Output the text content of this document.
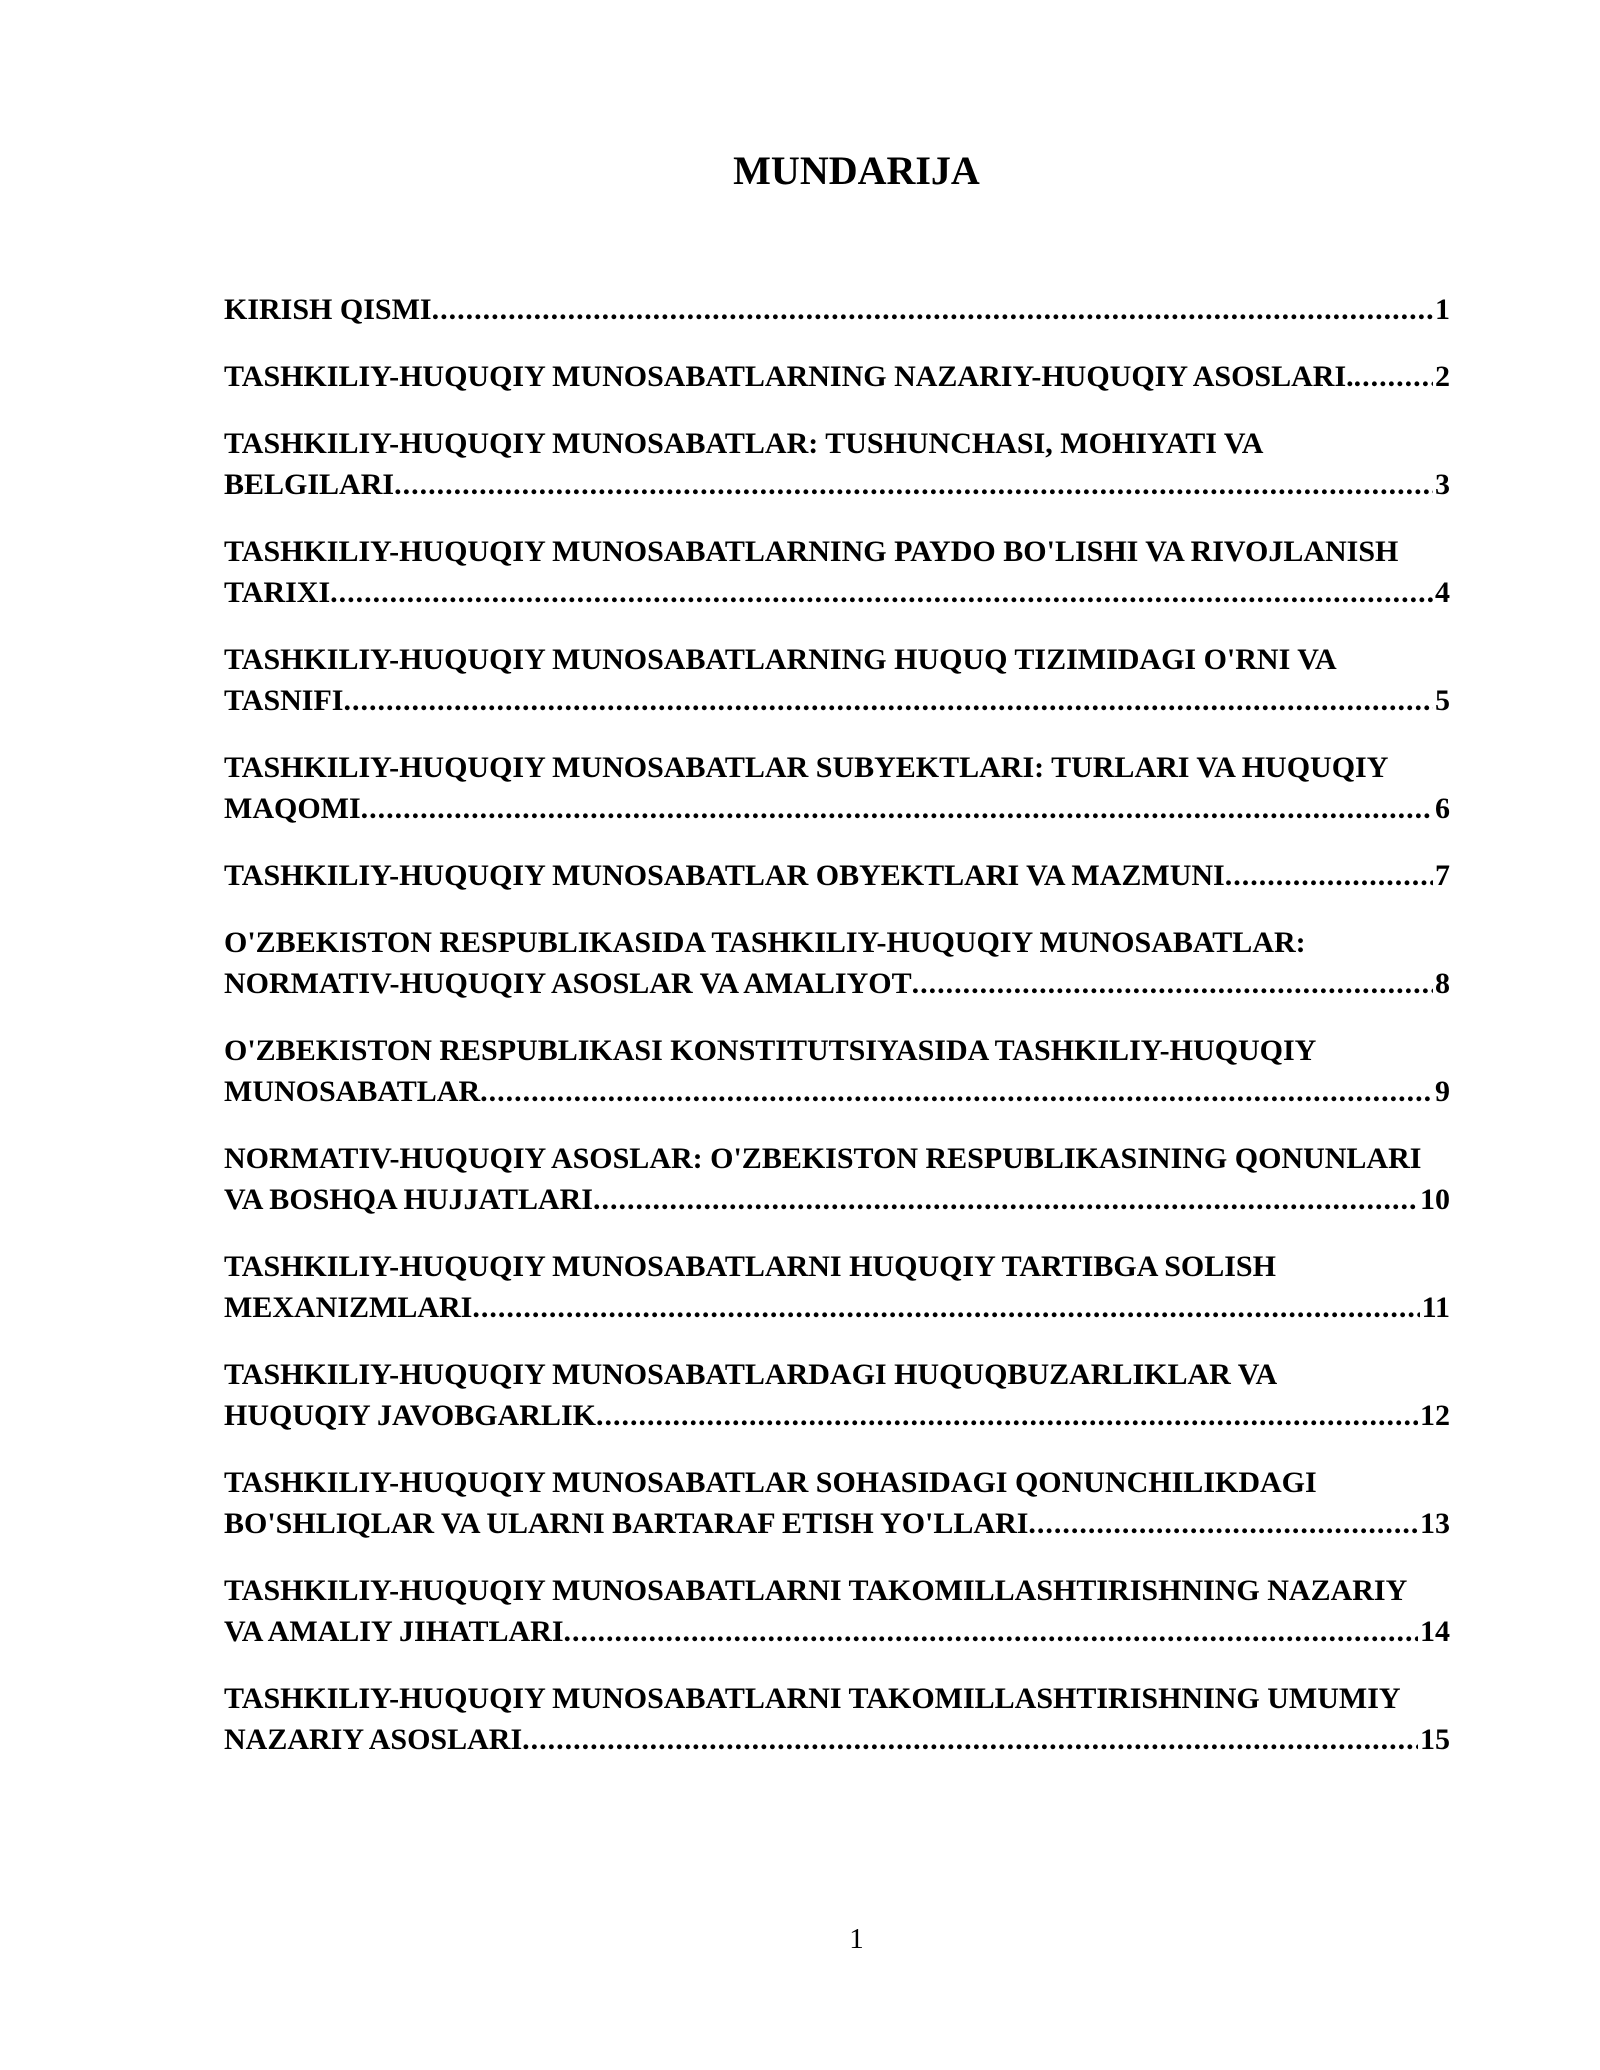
MUNDARIJA
KIRISH QISMI .....	1
TASHKILIY-HUQUQIY MUNOSABATLARNING NAZARIY-HUQUQIY ASOSLARI. .....	2
TASHKILIY-HUQUQIY MUNOSABATLAR: TUSHUNCHASI, MOHIYATI VA
BELGILARI .....	3
TASHKILIY-HUQUQIY MUNOSABATLARNING PAYDO BO'LISHI VA RIVOJLANISH
TARIXI .....	4
TASHKILIY-HUQUQIY MUNOSABATLARNING HUQUQ TIZIMIDAGI O'RNI VA
TASNIFI .....	5
TASHKILIY-HUQUQIY MUNOSABATLAR SUBYEKTLARI: TURLARI VA HUQUQIY
MAQOMI .....	6
TASHKILIY-HUQUQIY MUNOSABATLAR OBYEKTLARI VA MAZMUNI .....	7
O'ZBEKISTON RESPUBLIKASIDA TASHKILIY-HUQUQIY MUNOSABATLAR:
NORMATIV-HUQUQIY ASOSLAR VA AMALIYOT .....	8
O'ZBEKISTON RESPUBLIKASI KONSTITUTSIYASIDA TASHKILIY-HUQUQIY
MUNOSABATLAR .....	9
NORMATIV-HUQUQIY ASOSLAR: O'ZBEKISTON RESPUBLIKASINING QONUNLARI
VA BOSHQA HUJJATLARI .....	10
TASHKILIY-HUQUQIY MUNOSABATLARNI HUQUQIY TARTIBGA SOLISH
MEXANIZMLARI .....	11
TASHKILIY-HUQUQIY MUNOSABATLARDAGI HUQUQBUZARLIKLAR VA
HUQUQIY JAVOBGARLIK .....	12
TASHKILIY-HUQUQIY MUNOSABATLAR SOHASIDAGI QONUNCHILIKDAGI
BO'SHLIQLAR VA ULARNI BARTARAF ETISH YO'LLARI .....	13
TASHKILIY-HUQUQIY MUNOSABATLARNI TAKOMILLASHTIRISHNING NAZARIY
VA AMALIY JIHATLARI .....	14
TASHKILIY-HUQUQIY MUNOSABATLARNI TAKOMILLASHTIRISHNING UMUMIY
NAZARIY ASOSLARI .....	15
1
